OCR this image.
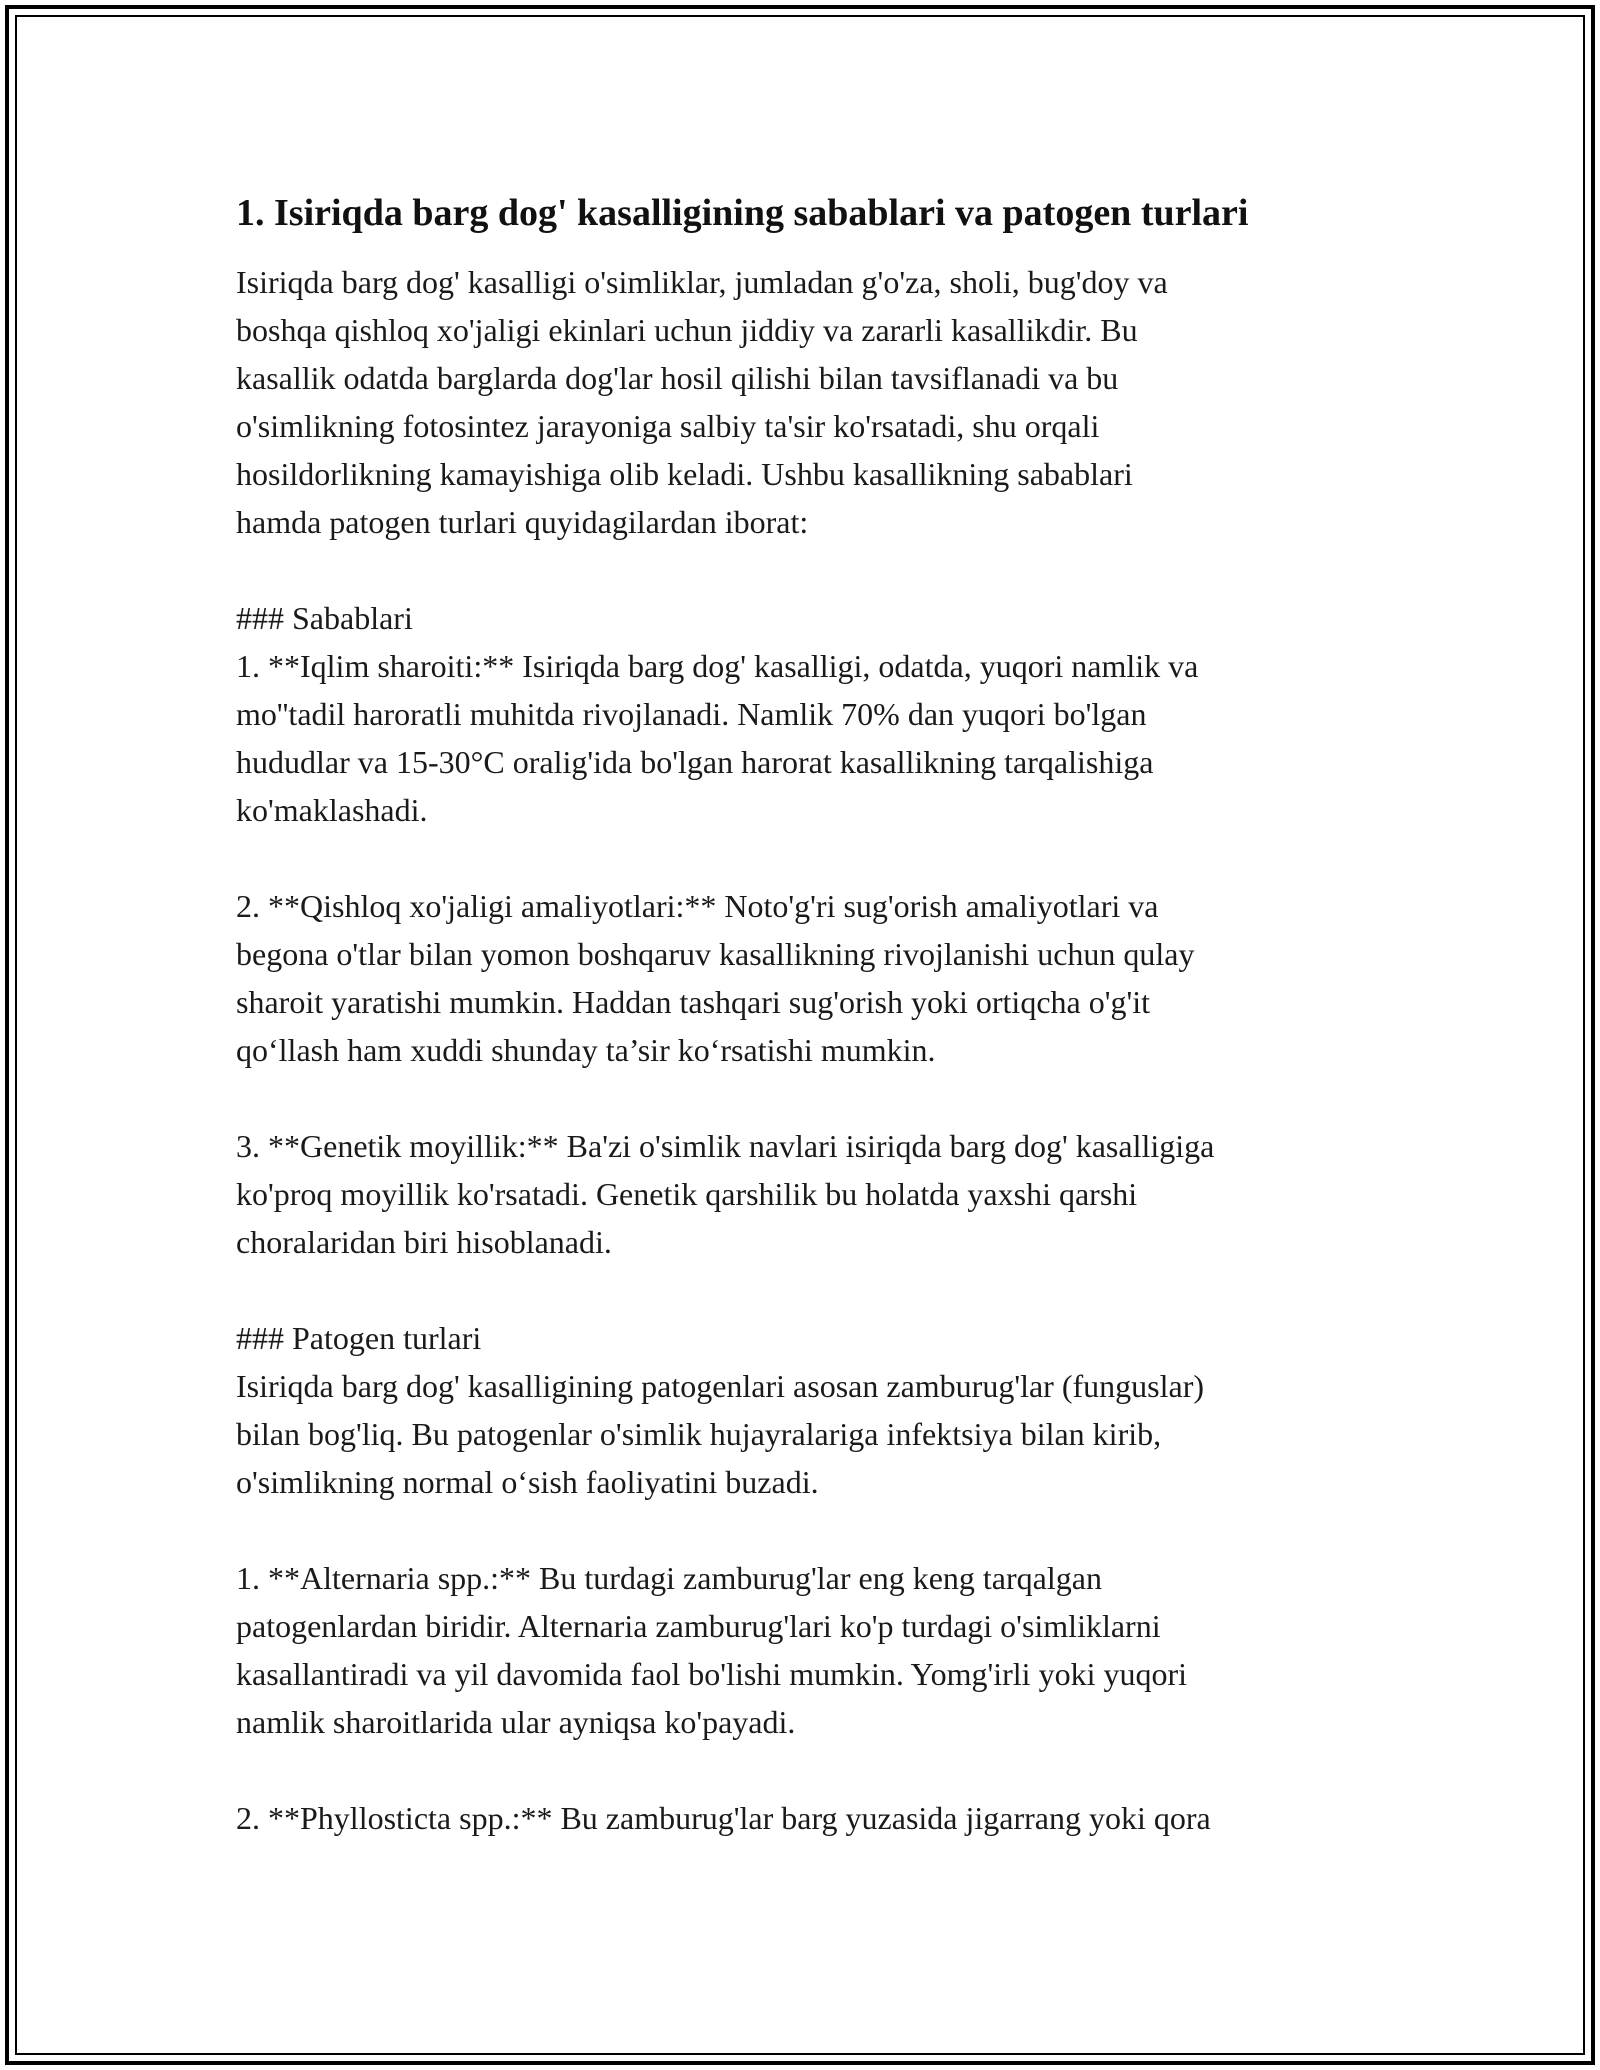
1. Isiriqda barg dog' kasalligining sabablari va patogen turlari

Isiriqda barg dog' kasalligi o'simliklar, jumladan g'o'za, sholi, bug'doy va
boshqa qishloq xo'jaligi ekinlari uchun jiddiy va zararli kasallikdir. Bu
kasallik odatda barglarda dog'lar hosil qilishi bilan tavsiflanadi va bu
o'simlikning fotosintez jarayoniga salbiy ta'sir ko'rsatadi, shu orqali
hosildorlikning kamayishiga olib keladi. Ushbu kasallikning sabablari
hamda patogen turlari quyidagilardan iborat:

### Sabablari

1. **Iqlim sharoiti:** Isiriqda barg dog' kasalligi, odatda, yuqori namlik va
mo''tadil haroratli muhitda rivojlanadi. Namlik 70% dan yuqori bo'lgan
hududlar va 15-30°C oralig'ida bo'lgan harorat kasallikning tarqalishiga
ko'maklashadi.

2. **Qishloq xo'jaligi amaliyotlari:** Noto'g'ri sug'orish amaliyotlari va
begona o'tlar bilan yomon boshqaruv kasallikning rivojlanishi uchun qulay
sharoit yaratishi mumkin. Haddan tashqari sug'orish yoki ortiqcha o'g'it
qo‘llash ham xuddi shunday ta’sir ko‘rsatishi mumkin.

3. **Genetik moyillik:** Ba'zi o'simlik navlari isiriqda barg dog' kasalligiga
ko'proq moyillik ko'rsatadi. Genetik qarshilik bu holatda yaxshi qarshi
choralaridan biri hisoblanadi.

### Patogen turlari

Isiriqda barg dog' kasalligining patogenlari asosan zamburug'lar (funguslar)
bilan bog'liq. Bu patogenlar o'simlik hujayralariga infektsiya bilan kirib,
o'simlikning normal o‘sish faoliyatini buzadi.

1. **Alternaria spp.:** Bu turdagi zamburug'lar eng keng tarqalgan
patogenlardan biridir. Alternaria zamburug'lari ko'p turdagi o'simliklarni
kasallantiradi va yil davomida faol bo'lishi mumkin. Yomg'irli yoki yuqori
namlik sharoitlarida ular ayniqsa ko'payadi.

2. **Phyllosticta spp.:** Bu zamburug'lar barg yuzasida jigarrang yoki qora
